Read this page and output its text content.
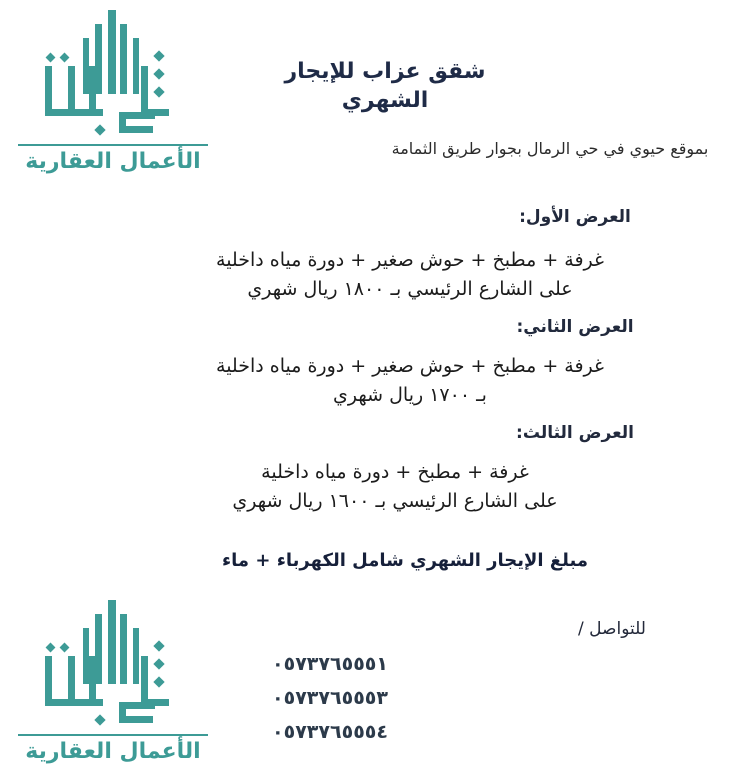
الأعمال العقارية
شقق عزاب للإيجار الشهري
بموقع حيوي في حي الرمال بجوار طريق الثمامة
العرض الأول:
غرفة + مطبخ + حوش صغير + دورة مياه داخلية
على الشارع الرئيسي بـ ١٨٠٠ ريال شهري
العرض الثاني:
غرفة + مطبخ + حوش صغير + دورة مياه داخلية
بـ ١٧٠٠ ريال شهري
العرض الثالث:
غرفة + مطبخ + دورة مياه داخلية
على الشارع الرئيسي بـ ١٦٠٠ ريال شهري
مبلغ الإيجار الشهري شامل الكهرباء + ماء
للتواصل /
٠٥٧٣٧٦٥٥٥١
٠٥٧٣٧٦٥٥٥٣
٠٥٧٣٧٦٥٥٥٤
الأعمال العقارية
